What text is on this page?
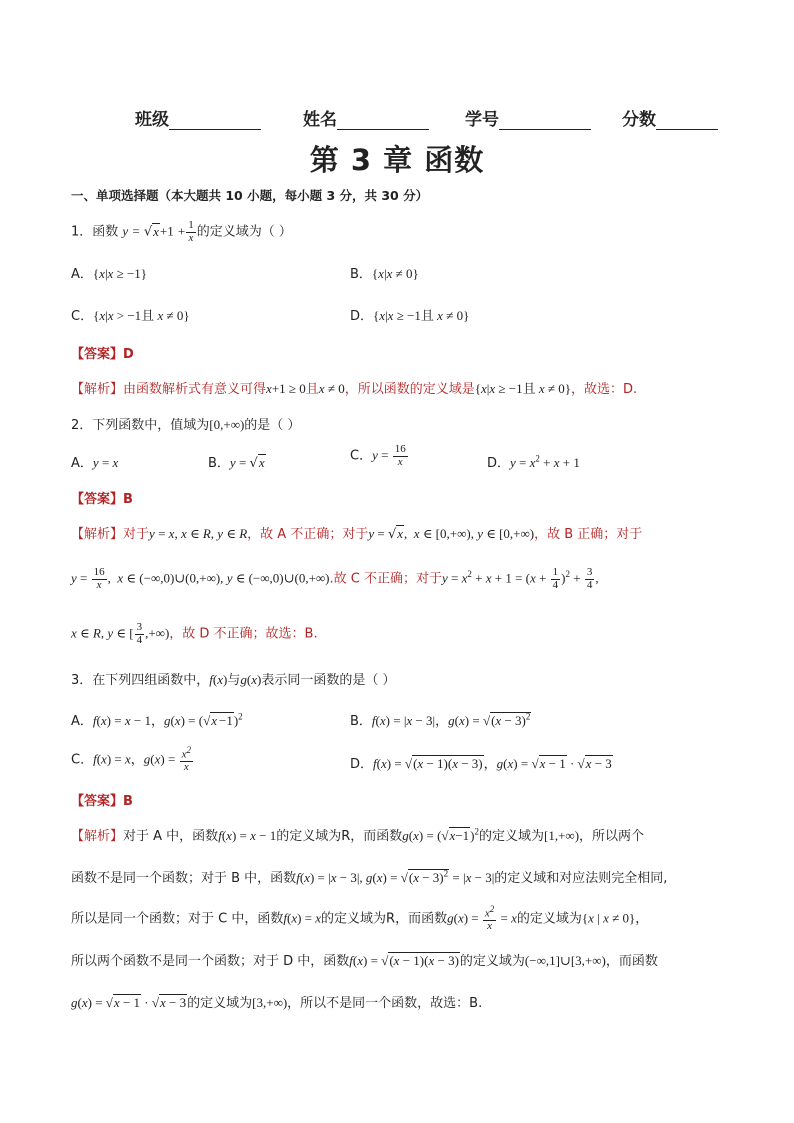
班级	姓名	学号	分数
第 3 章 函数
一、单项选择题（本大题共 10 小题，每小题 3 分，共 30 分）
1．函数 $y = √x+1 + \frac{1}{x}$ 的定义域为（ ）
A．{x|x ≥ −1}	B．{x|x ≠ 0}
C．{x|x > −1且 x ≠ 0}	D．{x|x ≥ −1且 x ≠ 0}
【答案】D
【解析】由函数解析式有意义可得x+1 ≥ 0且x ≠ 0，所以函数的定义域是{x|x ≥ −1且 x ≠ 0}，故选：D.
2．下列函数中，值域为[0,+∞)的是（ ）
A．y = x	B．y = √x	C．$y = \frac{16}{x}$	D．$y = x^2 + x + 1$
【答案】B
【解析】对于y = x, x ∈ R, y ∈ R，故 A 不正确；对于y = √x,  x ∈ [0,+∞), y ∈ [0,+∞)，故 B 正确；对于
$y = \frac{16}{x}$ ,  x ∈ (−∞,0)∪(0,+∞), y ∈ (−∞,0)∪(0,+∞).故 C 不正确；对于$y = x^2 + x + 1 = (x + \frac{1}{4} )^2 + \frac{3}{4}$ ,
x ∈ R, y ∈ [ $\frac{3}{4}$ ,+∞)，故 D 不正确；故选：B.
3．在下列四组函数中，f(x)与g(x)表示同一函数的是（ ）
A．f(x) = x − 1，$g(x) = (√x -1)^2$	B．f(x) = |x − 3|，$g(x) = √(x - 3)^2$
C．f(x) = x，$g(x) = \frac{x^2}{x}$	D．f(x) = √(x − 1)(x − 3)，g(x) = √x − 1 · √x − 3
【答案】B
【解析】对于 A 中，函数f(x) = x − 1的定义域为R，而函数$g(x) = (√x-1)^2$的定义域为[1,+∞)，所以两个
函数不是同一个函数；对于 B 中，函数f(x) = |x − 3|, $g(x) = √(x - 3)^2 = |x - 3|$的定义域和对应法则完全相同,
所以是同一个函数；对于 C 中，函数f(x) = x的定义域为R，而函数$g(x) = \frac{x^2}{x} = x$的定义域为{x | x ≠ 0}，
所以两个函数不是同一个函数；对于 D 中，函数f(x) = √(x − 1)(x − 3)的定义域为(−∞,1]∪[3,+∞)，而函数
g(x) = √x − 1 · √x − 3的定义域为[3,+∞)，所以不是同一个函数，故选：B.
